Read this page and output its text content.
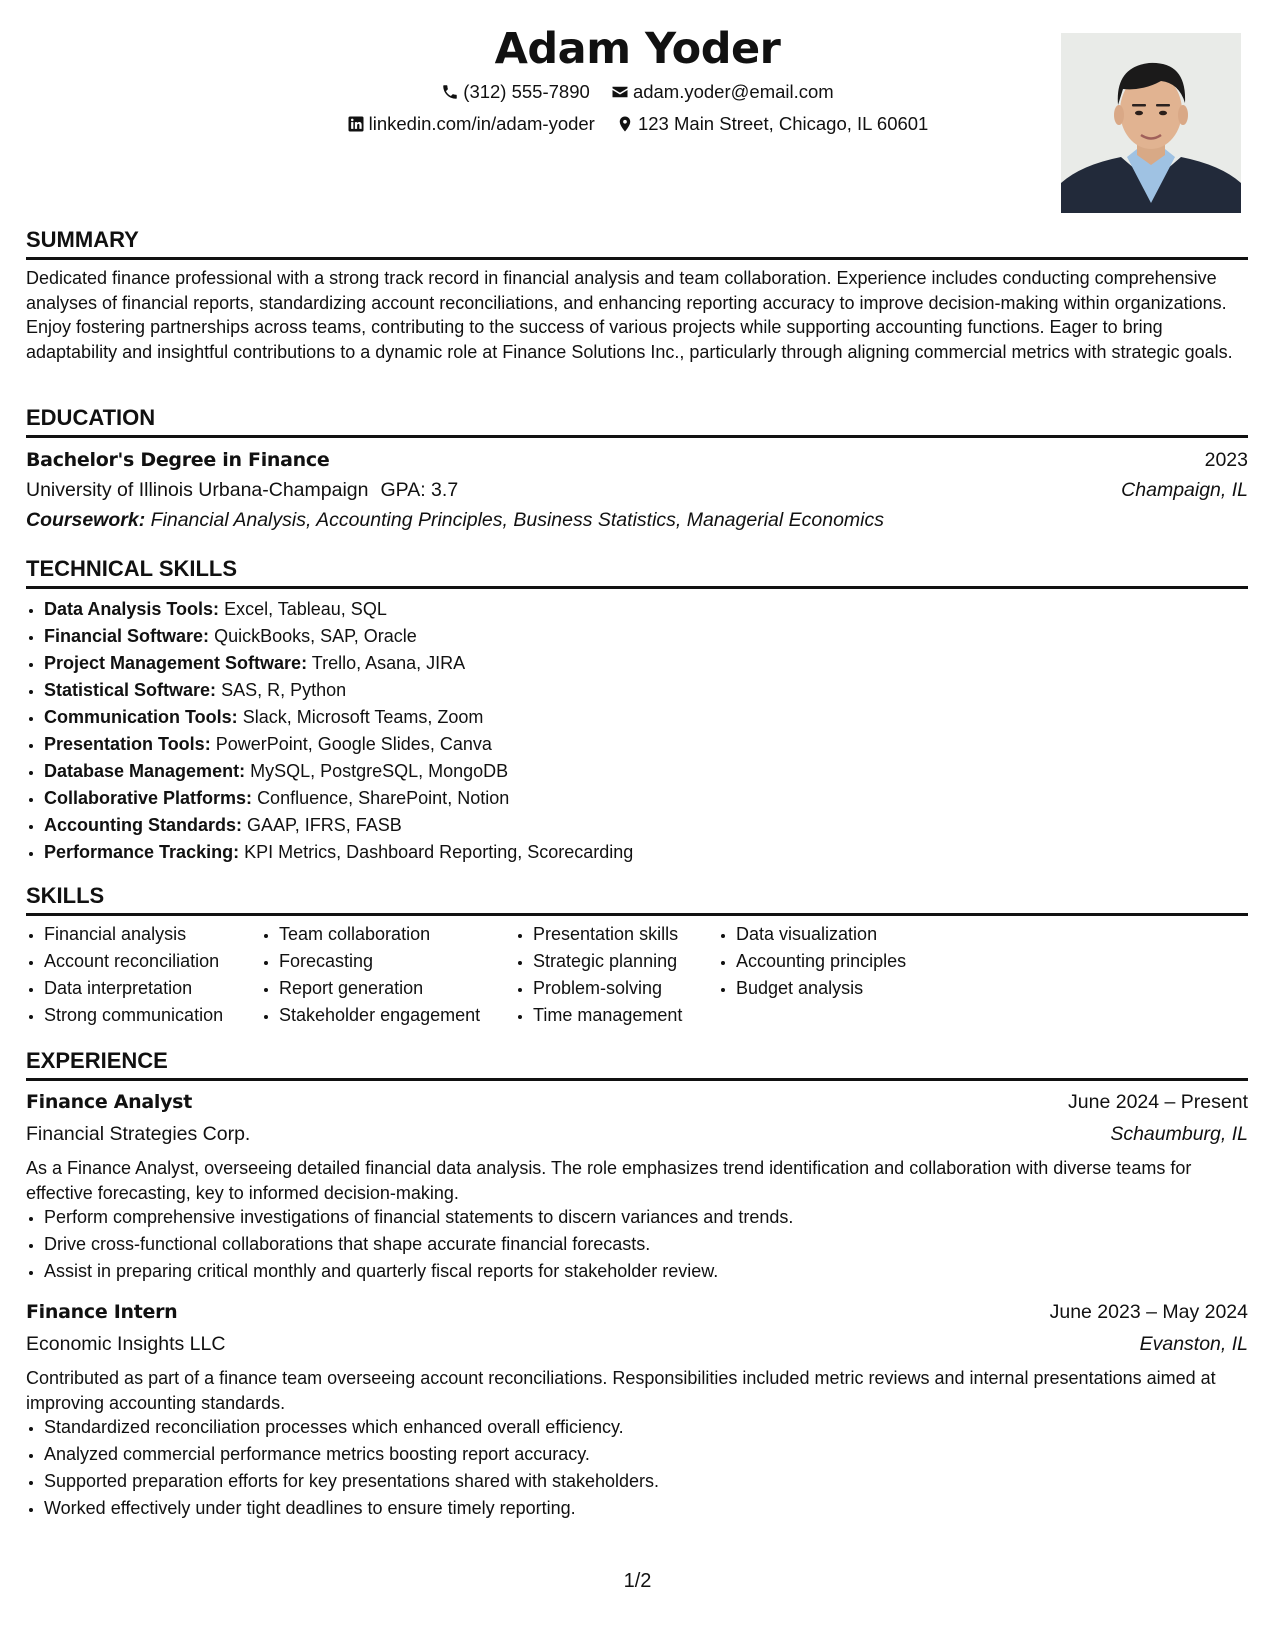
Adam Yoder
(312) 555-7890 adam.yoder@email.com
linkedin.com/in/adam-yoder 123 Main Street, Chicago, IL 60601
SUMMARY

Dedicated finance professional with a strong track record in financial analysis and team collaboration. Experience includes conducting comprehensive analyses of financial reports, standardizing account reconciliations, and enhancing reporting accuracy to improve decision-making within organizations. Enjoy fostering partnerships across teams, contributing to the success of various projects while supporting accounting functions. Eager to bring adaptability and insightful contributions to a dynamic role at Finance Solutions Inc., particularly through aligning commercial metrics with strategic goals.

EDUCATION
Bachelor's Degree in Finance	2023
University of Illinois Urbana-Champaign GPA: 3.7	Champaign, IL
Coursework: Financial Analysis, Accounting Principles, Business Statistics, Managerial Economics
TECHNICAL SKILLS
• Data Analysis Tools: Excel, Tableau, SQL
• Financial Software: QuickBooks, SAP, Oracle
• Project Management Software: Trello, Asana, JIRA
• Statistical Software: SAS, R, Python
• Communication Tools: Slack, Microsoft Teams, Zoom
• Presentation Tools: PowerPoint, Google Slides, Canva
• Database Management: MySQL, PostgreSQL, MongoDB
• Collaborative Platforms: Confluence, SharePoint, Notion
• Accounting Standards: GAAP, IFRS, FASB
• Performance Tracking: KPI Metrics, Dashboard Reporting, Scorecarding
SKILLS
• Financial analysis
• Account reconciliation
• Data interpretation
• Strong communication
• Team collaboration
• Forecasting
• Report generation
• Stakeholder engagement
• Presentation skills
• Strategic planning
• Problem-solving
• Time management
• Data visualization
• Accounting principles
• Budget analysis
EXPERIENCE
Finance Analyst	June 2024 – Present
Financial Strategies Corp.	Schaumburg, IL

As a Finance Analyst, overseeing detailed financial data analysis. The role emphasizes trend identification and collaboration with diverse teams for effective forecasting, key to informed decision-making.

• Perform comprehensive investigations of financial statements to discern variances and trends.
• Drive cross-functional collaborations that shape accurate financial forecasts.
• Assist in preparing critical monthly and quarterly fiscal reports for stakeholder review.
Finance Intern	June 2023 – May 2024
Economic Insights LLC	Evanston, IL

Contributed as part of a finance team overseeing account reconciliations. Responsibilities included metric reviews and internal presentations aimed at improving accounting standards.

• Standardized reconciliation processes which enhanced overall efficiency.
• Analyzed commercial performance metrics boosting report accuracy.
• Supported preparation efforts for key presentations shared with stakeholders.
• Worked effectively under tight deadlines to ensure timely reporting.
1/2
